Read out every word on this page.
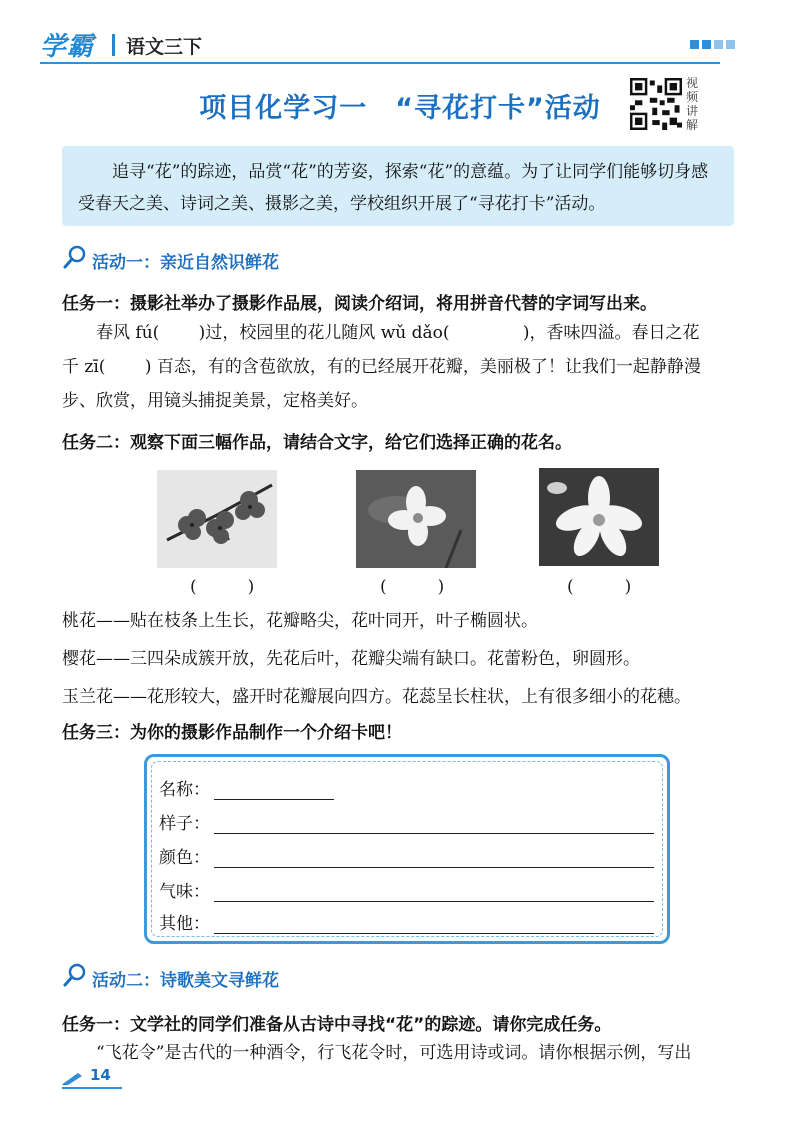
学霸 语文三下
项目化学习一　“寻花打卡”活动
视频讲解

追寻“花”的踪迹，品赏“花”的芳姿，探索“花”的意蕴。为了让同学们能够切身感受春天之美、诗词之美、摄影之美，学校组织开展了“寻花打卡”活动。

活动一：亲近自然识鲜花
任务一：摄影社举办了摄影作品展，阅读介绍词，将用拼音代替的字词写出来。

春风 fú(　　 )过，校园里的花儿随风 wǔ dǎo(　　　　 )，香味四溢。春日之花

千 zī(　　 ) 百态，有的含苞欲放，有的已经展开花瓣，美丽极了！让我们一起静静漫
步、欣赏，用镜头捕捉美景，定格美好。
任务二：观察下面三幅作品，请结合文字，给它们选择正确的花名。
(　　　)	(　　　)	(　　　)
桃花——贴在枝条上生长，花瓣略尖，花叶同开，叶子椭圆状。
樱花——三四朵成簇开放，先花后叶，花瓣尖端有缺口。花蕾粉色，卵圆形。
玉兰花——花形较大，盛开时花瓣展向四方。花蕊呈长柱状，上有很多细小的花穗。
任务三：为你的摄影作品制作一个介绍卡吧！
名称：
样子：
颜色：
气味：
其他：
活动二：诗歌美文寻鲜花
任务一：文学社的同学们准备从古诗中寻找“花”的踪迹。请你完成任务。

“飞花令”是古代的一种酒令，行飞花令时，可选用诗或词。请你根据示例，写出

14
